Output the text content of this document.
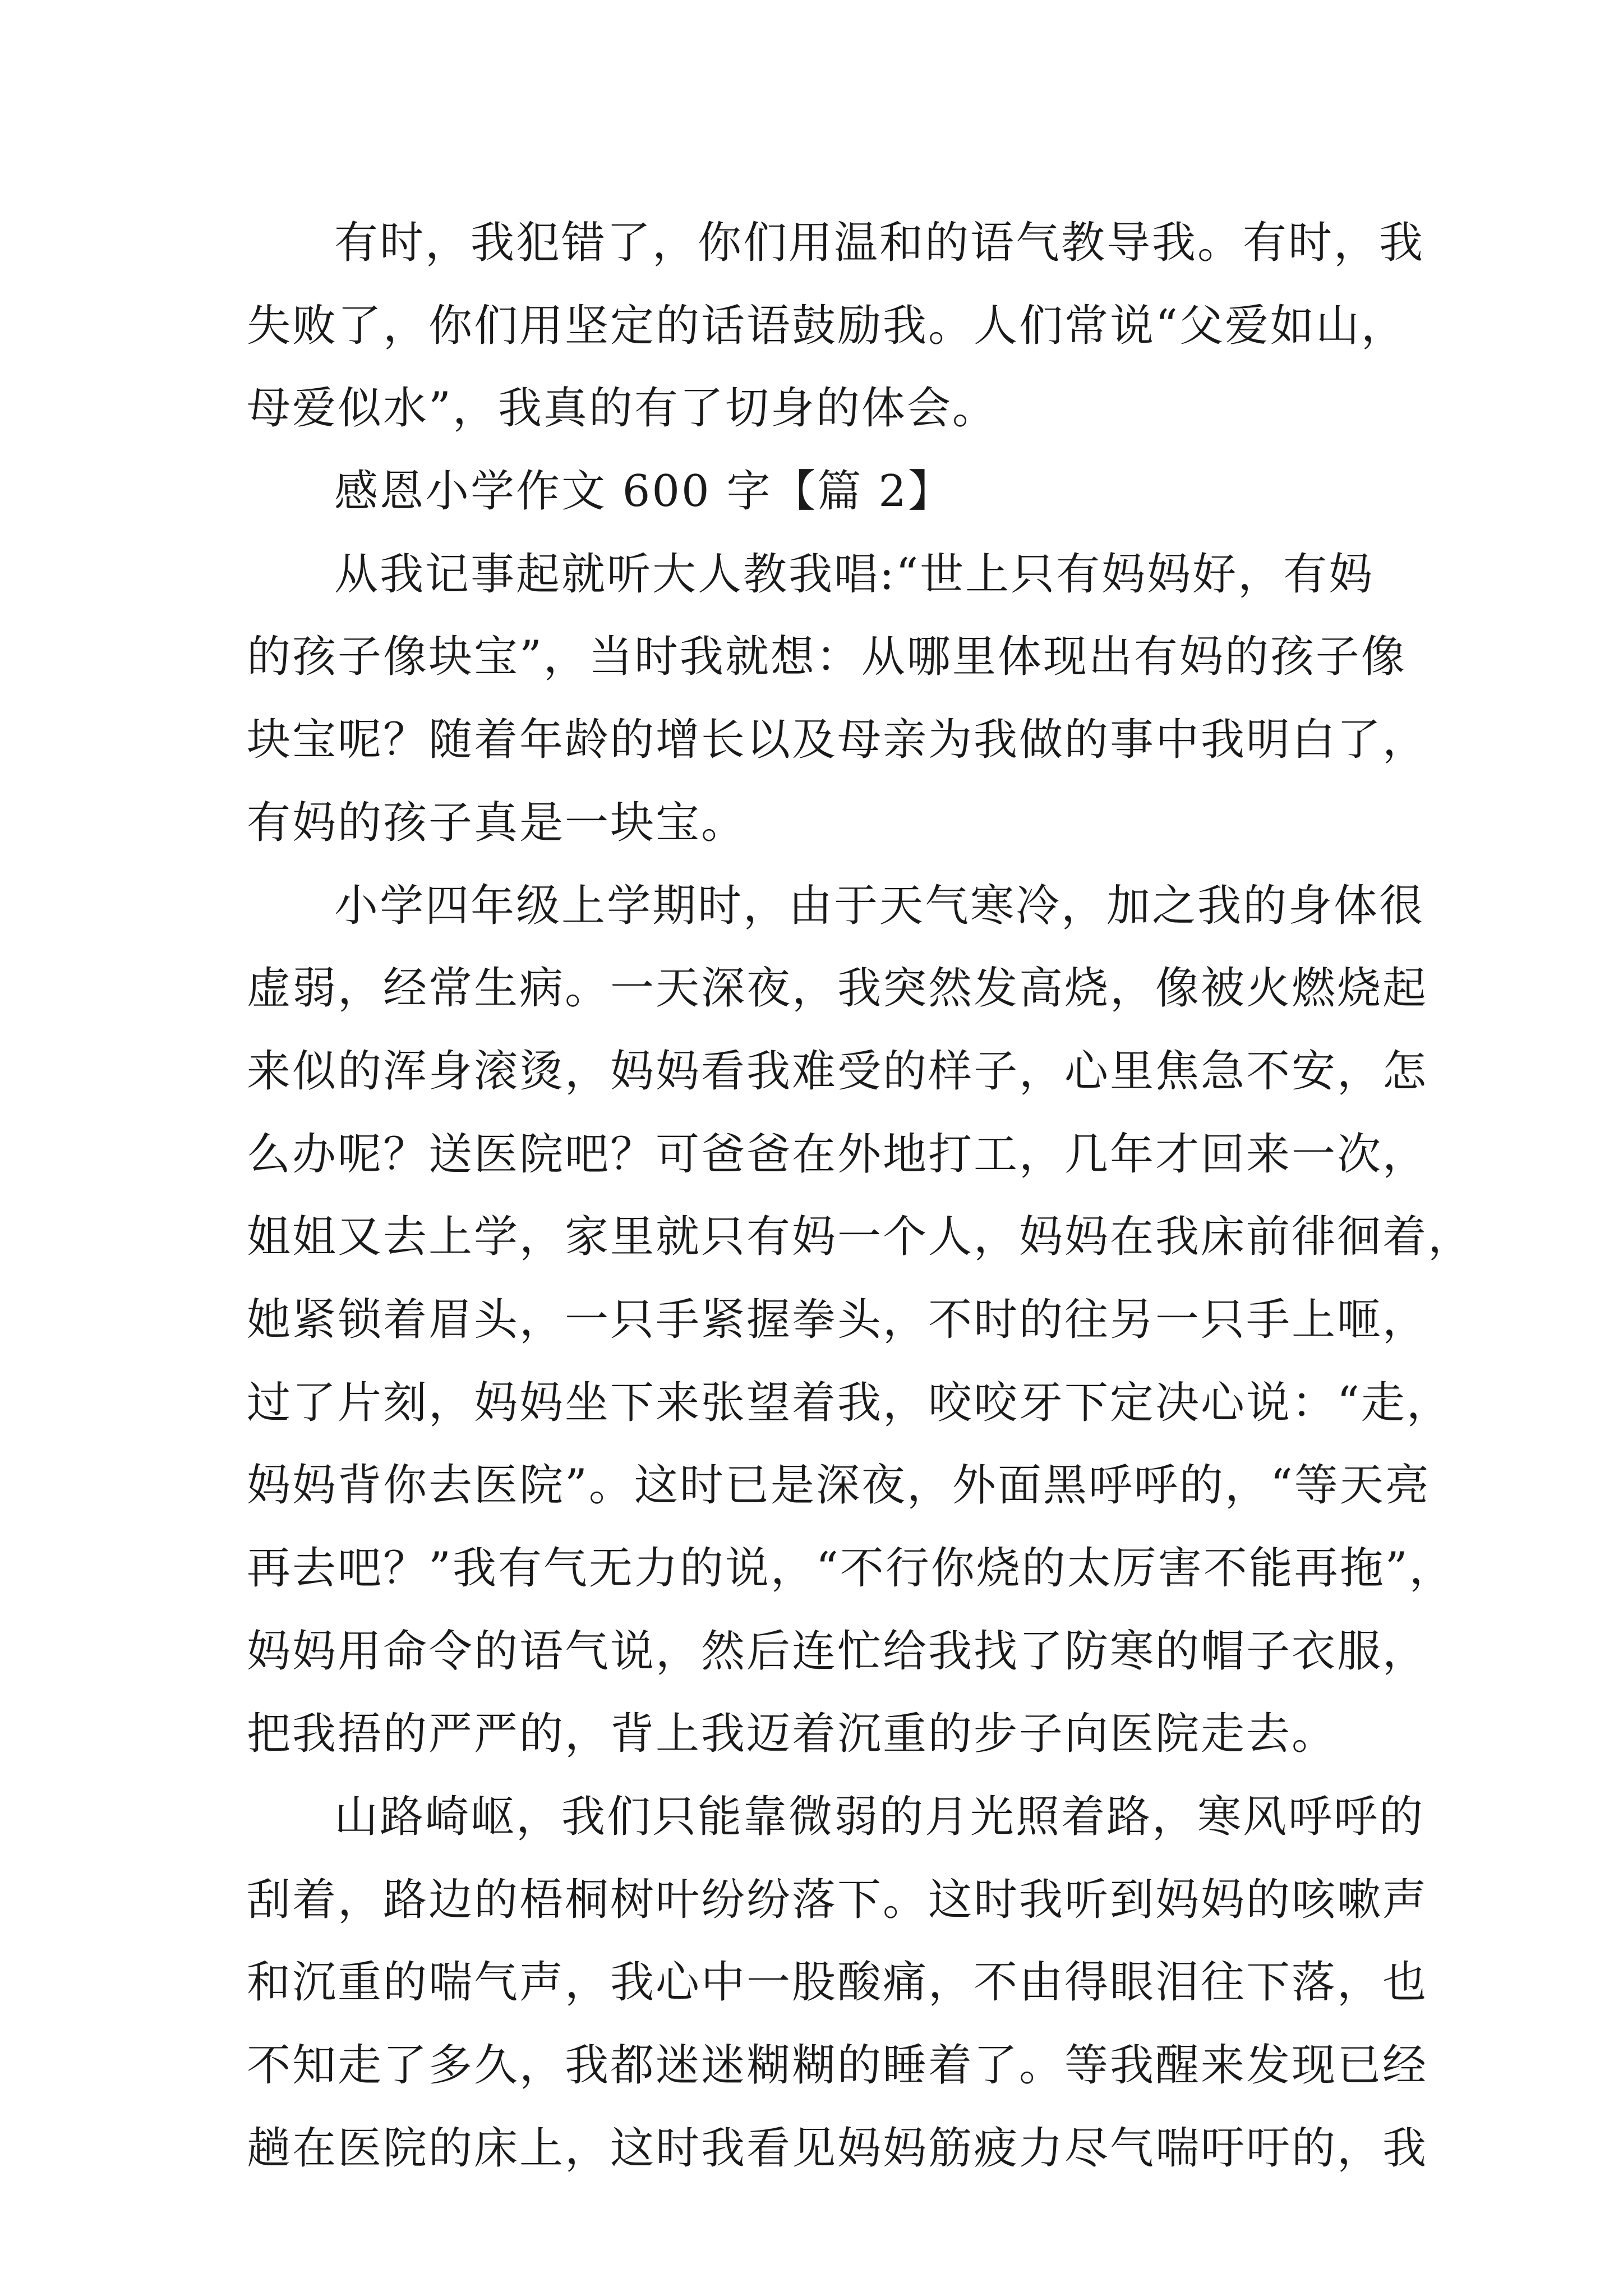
有时，我犯错了，你们用温和的语气教导我。有时，我
失败了，你们用坚定的话语鼓励我。人们常说“父爱如山，
母爱似水”，我真的有了切身的体会。
感恩小学作文 600 字【篇 2】
从我记事起就听大人教我唱:“世上只有妈妈好，有妈
的孩子像块宝”，当时我就想：从哪里体现出有妈的孩子像
块宝呢？随着年龄的增长以及母亲为我做的事中我明白了，
有妈的孩子真是一块宝。
小学四年级上学期时，由于天气寒冷，加之我的身体很
虚弱，经常生病。一天深夜，我突然发高烧，像被火燃烧起
来似的浑身滚烫，妈妈看我难受的样子，心里焦急不安，怎
么办呢？送医院吧？可爸爸在外地打工，几年才回来一次，
姐姐又去上学，家里就只有妈一个人，妈妈在我床前徘徊着，
她紧锁着眉头，一只手紧握拳头，不时的往另一只手上咂，
过了片刻，妈妈坐下来张望着我，咬咬牙下定决心说：“走，
妈妈背你去医院”。这时已是深夜，外面黑呼呼的，“等天亮
再去吧？”我有气无力的说，“不行你烧的太厉害不能再拖”，
妈妈用命令的语气说，然后连忙给我找了防寒的帽子衣服，
把我捂的严严的，背上我迈着沉重的步子向医院走去。
山路崎岖，我们只能靠微弱的月光照着路，寒风呼呼的
刮着，路边的梧桐树叶纷纷落下。这时我听到妈妈的咳嗽声
和沉重的喘气声，我心中一股酸痛，不由得眼泪往下落，也
不知走了多久，我都迷迷糊糊的睡着了。等我醒来发现已经
趟在医院的床上，这时我看见妈妈筋疲力尽气喘吁吁的，我
